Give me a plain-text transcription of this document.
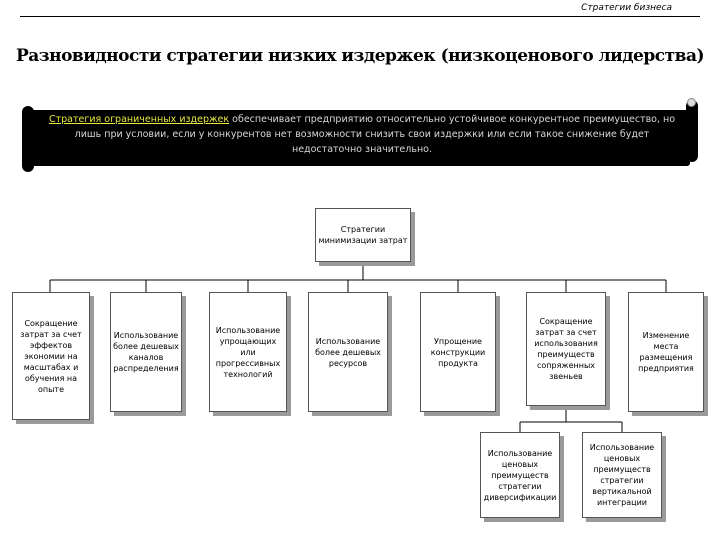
Стратегии бизнеса
Разновидности стратегии низких издержек (низкоценового лидерства)
Стратегия ограниченных издержек обеспечивает предприятию относительно устойчивое конкурентное преимущество, но лишь при условии, если у конкурентов нет возможности снизить свои издержки или если такое снижение будет недостаточно значительно.
Стратегии минимизации затрат
Сокращение затрат за счет эффектов экономии на масштабах и обучения на опыте
Использование более дешевых каналов распределения
Использование упрощающих или прогрессивных технологий
Использование более дешевых ресурсов
Упрощение конструкции продукта
Сокращение затрат за счет использования преимуществ сопряженных звеньев
Изменение места размещения предприятия
Использование ценовых преимуществ стратегии диверсификации
Использование ценовых преимуществ стратегии вертикальной интеграции
